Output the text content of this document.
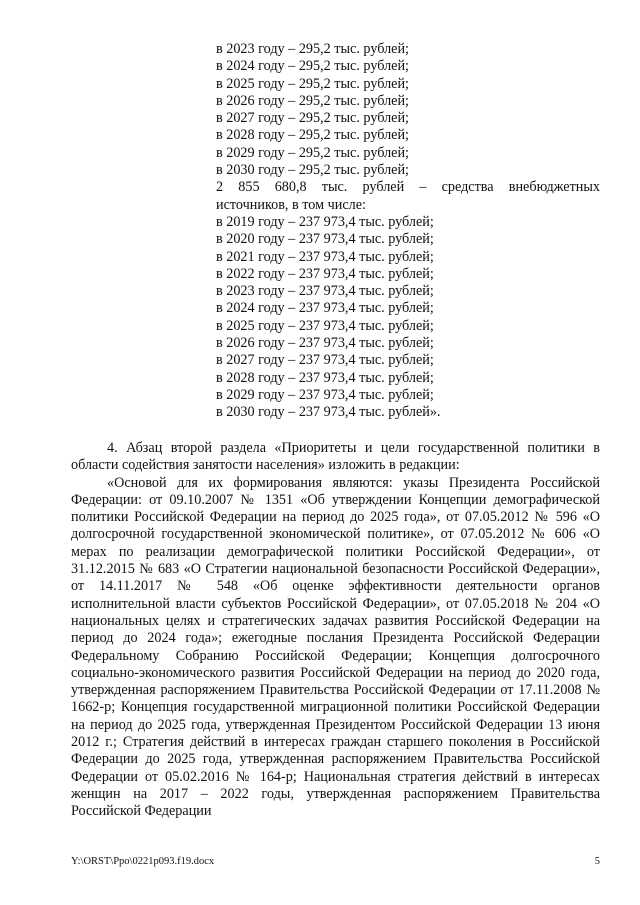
в 2023 году – 295,2 тыс. рублей;
в 2024 году – 295,2 тыс. рублей;
в 2025 году – 295,2 тыс. рублей;
в 2026 году – 295,2 тыс. рублей;
в 2027 году – 295,2 тыс. рублей;
в 2028 году – 295,2 тыс. рублей;
в 2029 году – 295,2 тыс. рублей;
в 2030 году – 295,2 тыс. рублей;
2 855 680,8 тыс. рублей – средства внебюджетных
источников, в том числе:
в 2019 году – 237 973,4 тыс. рублей;
в 2020 году – 237 973,4 тыс. рублей;
в 2021 году – 237 973,4 тыс. рублей;
в 2022 году – 237 973,4 тыс. рублей;
в 2023 году – 237 973,4 тыс. рублей;
в 2024 году – 237 973,4 тыс. рублей;
в 2025 году – 237 973,4 тыс. рублей;
в 2026 году – 237 973,4 тыс. рублей;
в 2027 году – 237 973,4 тыс. рублей;
в 2028 году – 237 973,4 тыс. рублей;
в 2029 году – 237 973,4 тыс. рублей;
в 2030 году – 237 973,4 тыс. рублей».

4. Абзац второй раздела «Приоритеты и цели государственной политики в области содействия занятости населения» изложить в редакции:

«Основой для их формирования являются: указы Президента Российской Федерации: от 09.10.2007 № 1351 «Об утверждении Концепции демографической политики Российской Федерации на период до 2025 года», от 07.05.2012 № 596 «О долгосрочной государственной экономической политике», от 07.05.2012 № 606 «О мерах по реализации демографической политики Российской Федерации», от 31.12.2015 № 683 «О Стратегии национальной безопасности Российской Федерации», от 14.11.2017 № 548 «Об оценке эффективности деятельности органов исполнительной власти субъектов Российской Федерации», от 07.05.2018 № 204 «О национальных целях и стратегических задачах развития Российской Федерации на период до 2024 года»; ежегодные послания Президента Российской Федерации Федеральному Собранию Российской Федерации; Концепция долгосрочного социально-экономического развития Российской Федерации на период до 2020 года, утвержденная распоряжением Правительства Российской Федерации от 17.11.2008 № 1662-р; Концепция государственной миграционной политики Российской Федерации на период до 2025 года, утвержденная Президентом Российской Федерации 13 июня 2012 г.; Стратегия действий в интересах граждан старшего поколения в Российской Федерации до 2025 года, утвержденная распоряжением Правительства Российской Федерации от 05.02.2016 № 164-р; Национальная стратегия действий в интересах женщин на 2017 – 2022 годы, утвержденная распоряжением Правительства Российской Федерации

Y:\ORST\Ppo\0221p093.f19.docx	5
